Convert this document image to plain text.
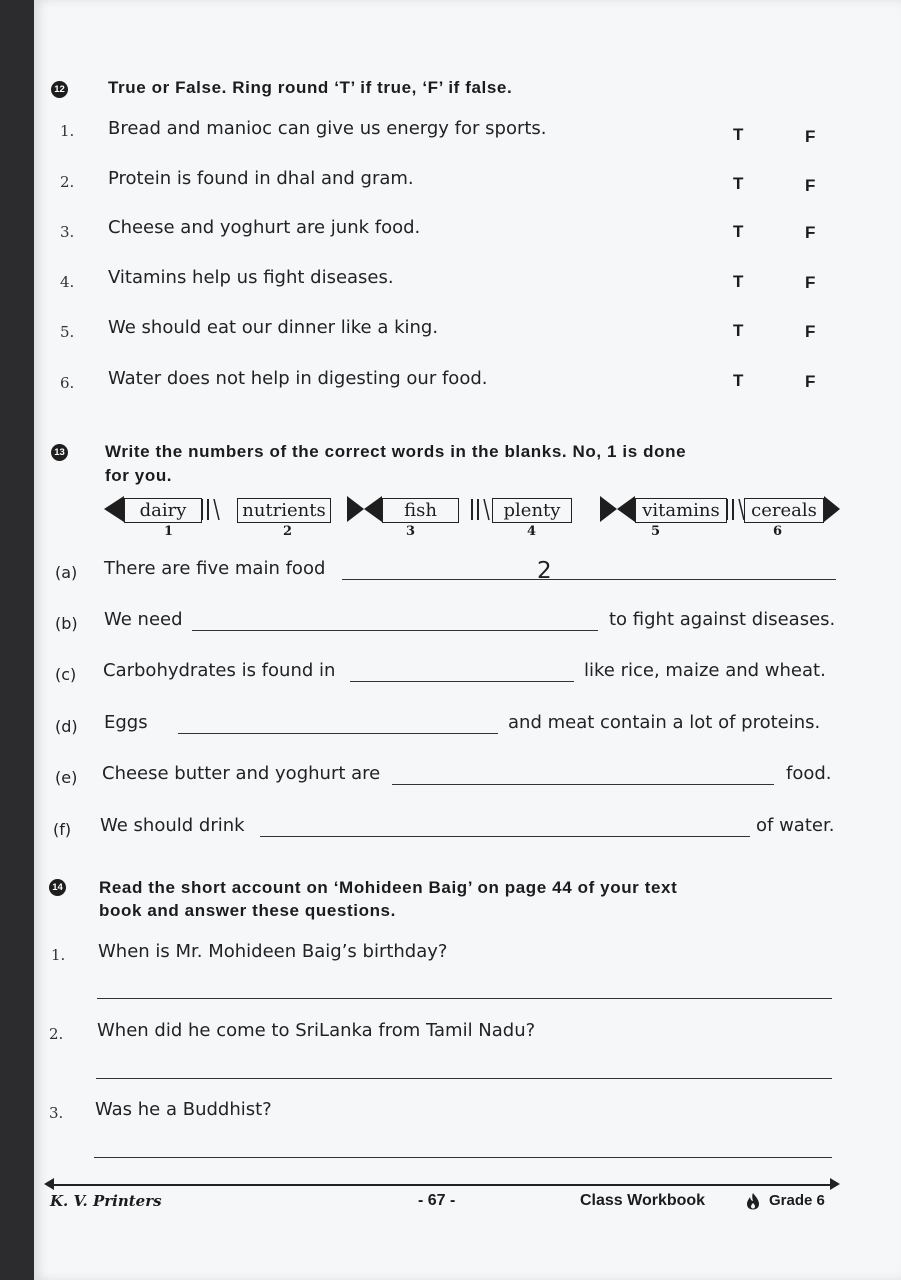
12	True or False. Ring round ‘T’ if true, ‘F’ if false.
1. Bread and manioc can give us energy for sports.	T	F
2. Protein is found in dhal and gram.	T	F
3. Cheese and yoghurt are junk food.	T	F
4. Vitamins help us fight diseases.	T	F
5. We should eat our dinner like a king.	T	F
6. Water does not help in digesting our food.	T	F
13 Write the numbers of the correct words in the blanks. No, 1 is done
for you.
dairy	nutrients	fish	plenty	vitamins	cereals
1	2	3	4	5	6
(a) There are five main food	2
(b) We need	to fight against diseases.
(c) Carbohydrates is found in	like rice, maize and wheat.
(d) Eggs	and meat contain a lot of proteins.
(e) Cheese butter and yoghurt are	food.
(f) We should drink	of water.
14 Read the short account on ‘Mohideen Baig’ on page 44 of your text
book and answer these questions.
1. When is Mr. Mohideen Baig’s birthday?
2. When did he come to SriLanka from Tamil Nadu?
3. Was he a Buddhist?
K. V. Printers	- 67 -	Class Workbook	Grade 6
